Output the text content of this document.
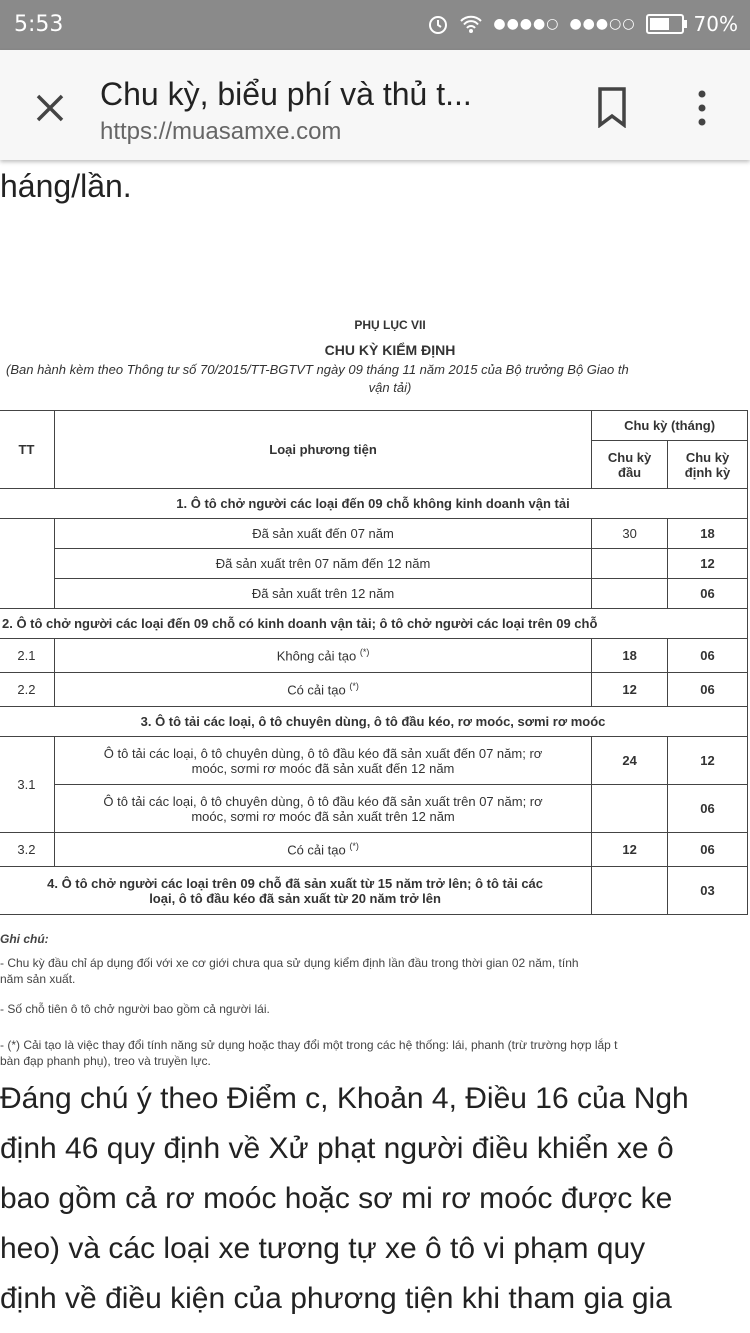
5:53	●●●●○ ●●●○○	70%
Chu kỳ, biểu phí và thủ t...
https://muasamxe.com
háng/lần.
PHỤ LỤC VII
CHU KỲ KIỂM ĐỊNH
(Ban hành kèm theo Thông tư số 70/2015/TT-BGTVT ngày 09 tháng 11 năm 2015 của Bộ trưởng Bộ Giao th
vận tải)
TT	Loại phương tiện	Chu kỳ (tháng)	
		Chu kỳ đầu	Chu kỳ định kỳ
1. Ô tô chở người các loại đến 09 chỗ không kinh doanh vận tải			
	Đã sản xuất đến 07 năm	30	18
	Đã sản xuất trên 07 năm đến 12 năm		12
	Đã sản xuất trên 12 năm		06
2. Ô tô chở người các loại đến 09 chỗ có kinh doanh vận tải; ô tô chở người các loại trên 09 chỗ			
2.1	Không cải tạo (*)	18	06
2.2	Có cải tạo (*)	12	06
3. Ô tô tải các loại, ô tô chuyên dùng, ô tô đầu kéo, rơ moóc, sơmi rơ moóc			
3.1	Ô tô tải các loại, ô tô chuyên dùng, ô tô đầu kéo đã sản xuất đến 07 năm; rơ
moóc, sơmi rơ moóc đã sản xuất đến 12 năm	24	12

	Ô tô tải các loại, ô tô chuyên dùng, ô tô đầu kéo đã sản xuất trên 07 năm; rơ
moóc, sơmi rơ moóc đã sản xuất trên 12 năm		06
3.2	Có cải tạo (*)	12	06

4. Ô tô chở người các loại trên 09 chỗ đã sản xuất từ 15 năm trở lên; ô tô tải các
loại, ô tô đầu kéo đã sản xuất từ 20 năm trở lên			03

Ghi chú:

- Chu kỳ đầu chỉ áp dụng đối với xe cơ giới chưa qua sử dụng kiểm định lần đầu trong thời gian 02 năm, tính

năm sản xuất.

- Số chỗ tiên ô tô chở người bao gồm cả người lái.

- (*) Cải tạo là việc thay đổi tính năng sử dụng hoặc thay đổi một trong các hệ thống: lái, phanh (trừ trường hợp lắp t

bàn đạp phanh phụ), treo và truyền lực.

Đáng chú ý theo Điểm c, Khoản 4, Điều 16 của Ngh
định 46 quy định về Xử phạt người điều khiển xe ô
bao gồm cả rơ moóc hoặc sơ mi rơ moóc được ke
heo) và các loại xe tương tự xe ô tô vi phạm quy
định về điều kiện của phương tiện khi tham gia gia
